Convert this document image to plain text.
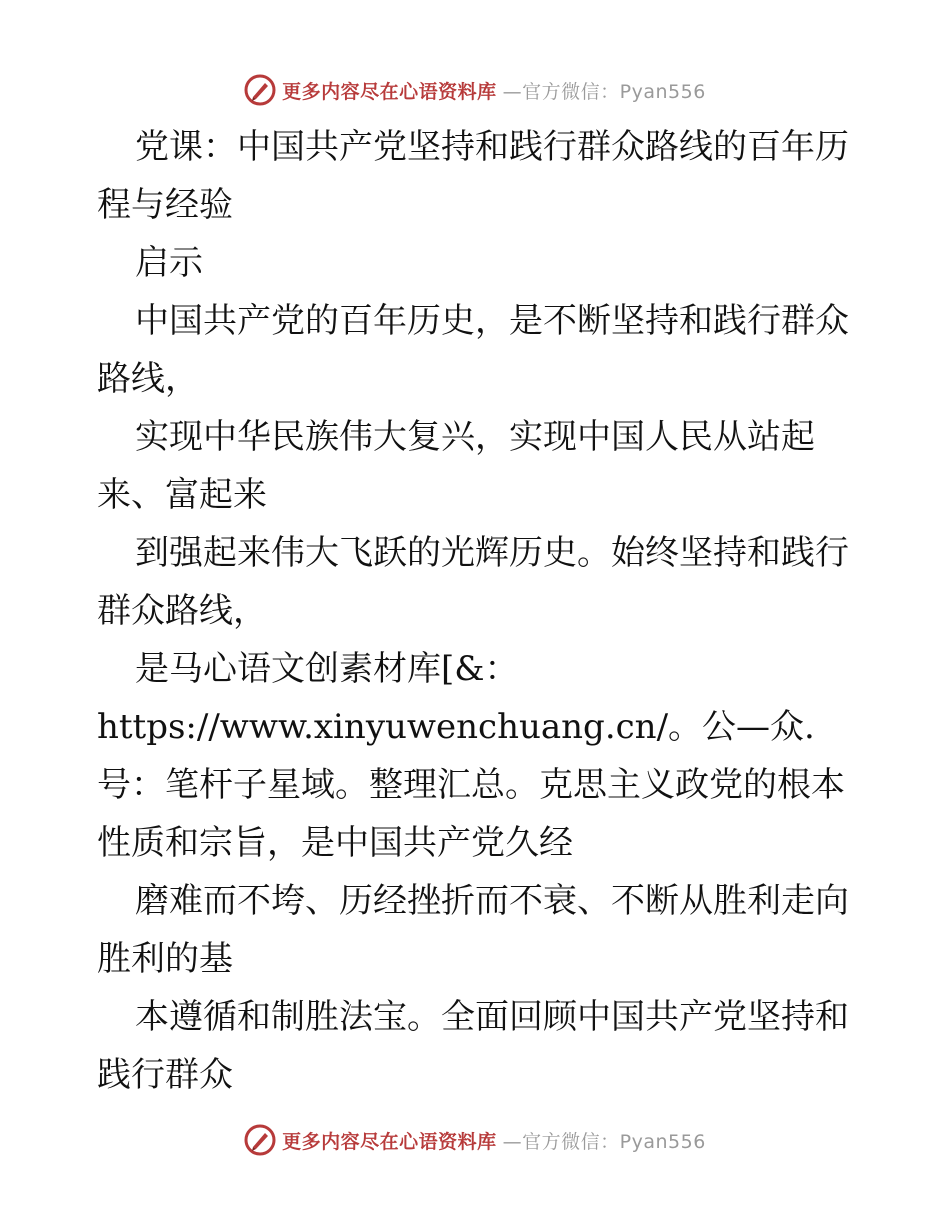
更多内容尽在心语资料库 —官方微信：Pyan556

党课：中国共产党坚持和践行群众路线的百年历程与经验

启示

中国共产党的百年历史，是不断坚持和践行群众路线，

实现中华民族伟大复兴，实现中国人民从站起来、富起来

到强起来伟大飞跃的光辉历史。始终坚持和践行群众路线，

是马心语文创素材库[&：https://www.xinyuwenchuang.cn/。公—众.号：笔杆子星域。整理汇总。克思主义政党的根本性质和宗旨，是中国共产党久经

磨难而不垮、历经挫折而不衰、不断从胜利走向胜利的基

本遵循和制胜法宝。全面回顾中国共产党坚持和践行群众

更多内容尽在心语资料库 —官方微信：Pyan556
